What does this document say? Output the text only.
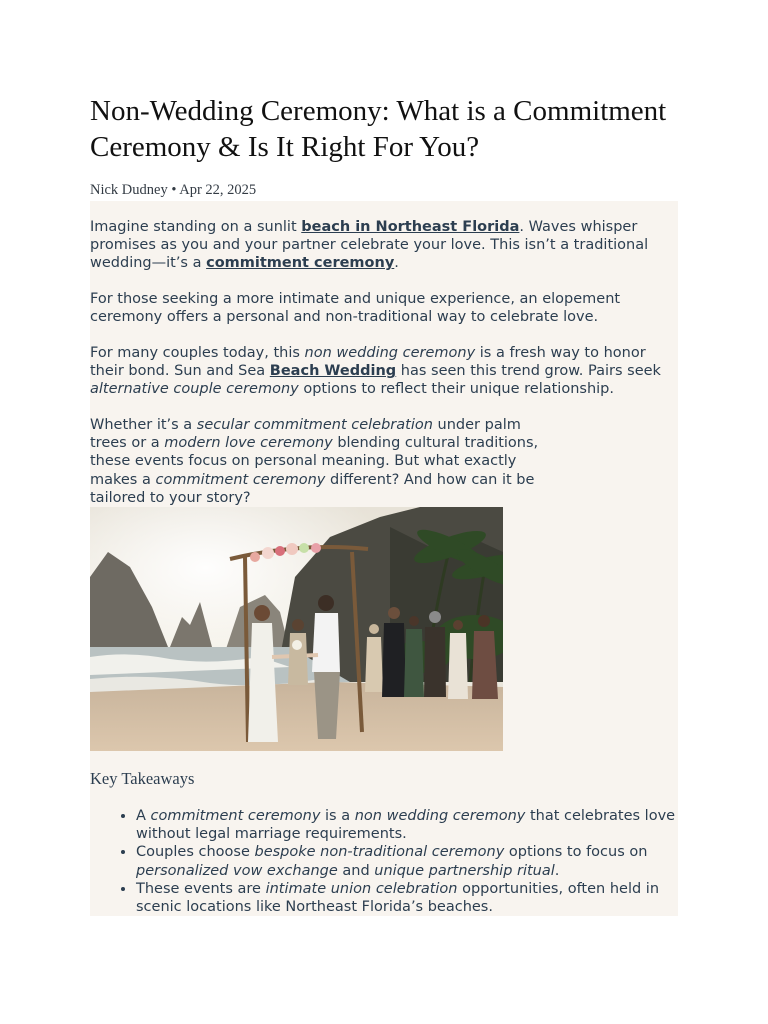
Non-Wedding Ceremony: What is a Commitment Ceremony & Is It Right For You?
Nick Dudney • Apr 22, 2025

Imagine standing on a sunlit beach in Northeast Florida. Waves whisper promises as you and your partner celebrate your love. This isn’t a traditional wedding—it’s a commitment ceremony.

For those seeking a more intimate and unique experience, an elopement ceremony offers a personal and non-traditional way to celebrate love.

For many couples today, this non wedding ceremony is a fresh way to honor their bond. Sun and Sea Beach Wedding has seen this trend grow. Pairs seek alternative couple ceremony options to reflect their unique relationship.

Whether it’s a secular commitment celebration under palm trees or a modern love ceremony blending cultural traditions, these events focus on personal meaning. But what exactly makes a commitment ceremony different? And how can it be tailored to your story?

Key Takeaways
• A commitment ceremony is a non wedding ceremony that celebrates love without legal marriage requirements.
• Couples choose bespoke non-traditional ceremony options to focus on personalized vow exchange and unique partnership ritual.
• These events are intimate union celebration opportunities, often held in scenic locations like Northeast Florida’s beaches.
